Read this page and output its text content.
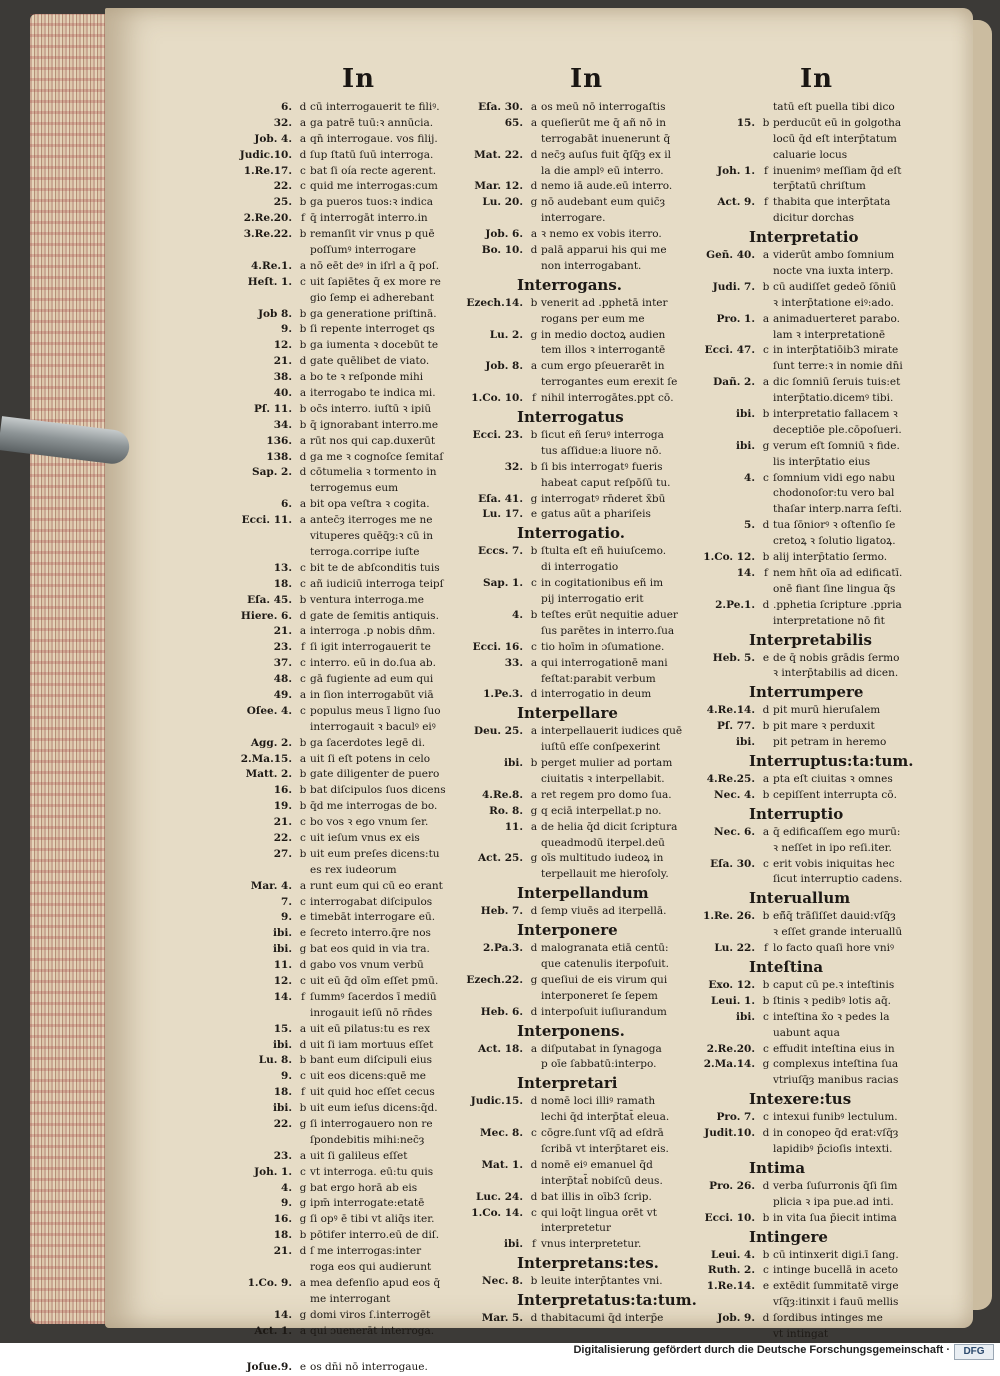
In	In	In
6. d cū interrogauerit te filiꝰ.
32. a ga patrē tuū:ꝛ annūcia.
Job. 4. a qn̄ interrogaue. vos filij.
Judic.10. d ſup ſtatū ſuū interroga.
1.Re.17. c bat ſi oía recte agerent.
22. c quid me interrogas:cum
25. b ga pueros tuos:ꝛ indica
2.Re.20. f q̄ interrogāt interro.in
3.Re.22. b remanſit vir vnus p quē
poſſumꝰ interrogare
4.Re.1. a nō eēt deꝰ in iſrl a q̄ poſ.
Heſt. 1. c uit ſapiētes q̄ ex more re
gio ſemp ei adherebant
Job 8. b ga generatione priſtinā.
9. b ſi repente interroget qs
12. b ga iumenta ꝛ docebūt te
21. d gate quēlibet de viato.
38. a bo te ꝛ reſponde mihi
40. a iterrogabo te indica mi.
Pſ. 11. b oc̄s interro. iuſtū ꝛ ipiū
34. b q̄ ignorabant interro.me
136. a rūt nos qui cap.duxerūt
138. d ga me ꝛ cognoſce ſemitaſ
Sap. 2. d cōtumelia ꝛ tormento in
terrogemus eum
6. a bit opa veſtra ꝛ cogita.
Ecci. 11. a antec̄ȝ iterroges me ne
vituperes quēq̄ȝ:ꝛ cū in
terroga.corripe iuſte
13. c bit te de abſconditis tuis
18. c añ iudiciū interroga teipſ
Eſa. 45. b ventura interroga.me
Hiere. 6. d gate de ſemitis antiquis.
21. a interroga .p nobis dn̄m.
23. f ſi igit interrogauerit te
37. c interro. eū in do.ſua ab.
48. c gā fugiente ad eum qui
49. a in ſion interrogabūt viā
Oſee. 4. c populus meus ī ligno ſuo
interrogauit ꝛ baculꝰ eiꝰ
Agg. 2. b ga ſacerdotes legē di.
2.Ma.15. a uit ſi eſt potens in celo
Matt. 2. b gate diligenter de puero
16. b bat diſcipulos ſuos dicens
19. b q̄d me interrogas de bo.
21. c bo vos ꝛ ego vnum ſer.
22. c uit ieſum vnus ex eis
27. b uit eum preſes dicens:tu
es rex iudeorum
Mar. 4. a runt eum qui cū eo erant
7. c interrogabat diſcipulos
9. e timebāt interrogare eū.
ibi. e ſecreto interro.q̄re nos
ibi. g bat eos quid in via tra.
11. d gabo vos vnum verbū
12. c uit eū q̄d oīm eſſet pmū.
14. f ſummꝰ ſacerdos ī mediū
inrogauit ieſū nō rn̄des
15. a uit eū pilatus:tu es rex
ibi. d uit ſi iam mortuus eſſet
Lu. 8. b bant eum diſcipuli eius
9. c uit eos dicens:quē me
18. f uit quid hoc eſſet cecus
ibi. b uit eum ieſus dicens:q̄d.
22. g ſi interrogauero non re
ſpondebitis mihi:nec̄ȝ
23. a uit ſi galileus eſſet
Joh. 1. c vt interroga. eū:tu quis
4. g bat ergo horā ab eis
9. g ipm̄ interrogate:etatē
16. g ſi opꝰ ē tibi vt aliq̄s iter.
18. b pōtifer interro.eū de diſ.
21. d ſ me interrogas:inter
roga eos qui audierunt
1.Co. 9. a mea defenſio apud eos q̄
me interrogant
14. g domi viros ſ.interrogēt
Act. 1. a qui ɔuenerāt interroga.
Joſue.9. e os dn̄i nō interrogaue.
Eſa. 30. a os meū nō interrogaſtis
65. a queſierūt me q̄ añ nō in
terrogabāt inuenerunt q̄
Mat. 22. d nec̄ȝ auſus fuit q̄ſq̄ȝ ex il
la die amplꝰ eū interro.
Mar. 12. d nemo iā aude.eū interro.
Lu. 20. g nō audebant eum quic̄ȝ
interrogare.
Job. 6. a ꝛ nemo ex vobis iterro.
Bo. 10. d palā apparui his qui me
non interrogabant.
Interrogans.
Ezech.14. b venerit ad .pphetā inter
rogans per eum me
Lu. 2. g in medio doctoꝝ audien
tem illos ꝛ interrogantē
Job. 8. a cum ergo pſeuerarēt in
terrogantes eum erexit ſe
1.Co. 10. f nihil interrogātes.ppt cō.
Interrogatus
Ecci. 23. b ſicut eñ ſeruꝰ interroga
tus aſſidue:a liuore nō.
32. b ſi bis interrogatꝰ fueris
habeat caput reſpōſū tu.
Eſa. 41. g interrogatꝰ rn̄deret x̄bū
Lu. 17. e gatus aūt a phariſeis
Interrogatio.
Eccs. 7. b ſtulta eſt eñ huiuſcemo.
di interrogatio
Sap. 1. c in cogitationibus eñ im
pij interrogatio erit
4. b teſtes erūt nequitie aduer
ſus parētes in interro.ſua
Ecci. 16. c tio hoīm in ɔſumatione.
33. a qui interrogationē mani
feſtat:parabit verbum
1.Pe.3. d interrogatio in deum
Interpellare
Deu. 25. a interpellauerit iudices quē
iuſtū eſſe conſpexerint
ibi. b perget mulier ad portam
ciuitatis ꝛ interpellabit.
4.Re.8. a ret regem pro domo ſua.
Ro. 8. g q eciā interpellat.p no.
11. a de helia q̄d dicit ſcriptura
queadmodū iterpel.deū
Act. 25. g oīs multitudo iudeoꝝ in
terpellauit me hieroſoly.
Interpellandum
Heb. 7. d ſemp viuēs ad iterpellā.
Interponere
2.Pa.3. d malogranata etiā centū:
que catenulis iterpoſuit.
Ezech.22. g queſiui de eis virum qui
interponeret ſe ſepem
Heb. 6. d interpoſuit iuſiurandum
Interponens.
Act. 18. a diſputabat in ſynagoga
p oīe ſabbatū:interpo.
Interpretari
Judic.15. d nomē loci illiꝰ ramath
lechi q̄d interp̄tat̄ eleua.
Mec. 8. c cōgre.ſunt vſq̄ ad eſdrā
ſcribā vt interp̄taret eis.
Mat. 1. d nomē eiꝰ emanuel q̄d
interp̄tat̄ nobiſcū deus.
Luc. 24. d bat illis in oīb3 ſcrip.
1.Co. 14. c qui loq̄t lingua orēt vt
interpretetur
ibi. f vnus interpretetur.
Interpretans:tes.
Nec. 8. b leuite interp̄tantes vni.
Interpretatus:ta:tum.
Mar. 5. d thabitacumi q̄d interp̄e
tatū eſt puella tibi dico
15. b perducūt eū in golgotha
locū q̄d eſt interp̄tatum
caluarie locus
Joh. 1. f inuenimꝰ meſſiam q̄d eſt
terp̄tatū chriſtum
Act. 9. f thabita que interp̄tata
dicitur dorchas
Interpretatio
Geñ. 40. a viderūt ambo ſomnium
nocte vna iuxta interp.
Judi. 7. b cū audiſſet gedeō ſōniū
ꝛ interp̄tatione eiꝰ:ado.
Pro. 1. a animaduerteret parabo.
lam ꝛ interpretationē
Ecci. 47. c in interp̄tatiōib3 mirate
ſunt terre:ꝛ in nomie dn̄i
Dañ. 2. a dic ſomniū ſeruis tuis:et
interp̄tatio.dicemꝰ tibi.
ibi. b interpretatio fallacem ꝛ
deceptiōe ple.cōpoſueri.
ibi. g verum eſt ſomniū ꝛ fide.
lis interp̄tatio eius
4. c ſomnium vidi ego nabu
chodonoſor:tu vero bal
thaſar interp.narra ſeſti.
5. d tua ſōniorꝰ ꝛ oſtenſio ſe
cretoꝝ ꝛ ſolutio ligatoꝝ.
1.Co. 12. b alij interp̄tatio ſermo.
14. f nem hn̄t oīa ad edificatī.
onē fiant ſine lingua q̄s
2.Pe.1. d .pphetia ſcripture .ppria
interpretatione nō fit
Interpretabilis
Heb. 5. e de q̄ nobis grādis ſermo
ꝛ interp̄tabilis ad dicen.
Interrumpere
4.Re.14. d pit murū hieruſalem
Pſ. 77. b pit mare ꝛ perduxit
ibi.	pit petram in heremo
Interruptus:ta:tum.
4.Re.25. a pta eſt ciuitas ꝛ omnes
Nec. 4. b cepiſſent interrupta cō.
Interruptio
Nec. 6. a q̄ edificaſſem ego murū:
ꝛ neſſet in ipo reſi.iter.
Eſa. 30. c erit vobis iniquitas hec
ſicut interruptio cadens.
Interuallum
1.Re. 26. b eñ̄q̄ trāſiſſet dauid:vſq̄ȝ
ꝛ eſſet grande interuallū
Lu. 22. f lo facto quaſi hore vniꝰ
Inteſtina
Exo. 12. b caput cū pe.ꝛ inteſtinis
Leui. 1. b ſtinis ꝛ pedibꝰ lotis aq̄.
ibi. c inteſtina x̄o ꝛ pedes la
uabunt aqua
2.Re.20. c effudit inteſtina eius in
2.Ma.14. g complexus inteſtina ſua
vtriuſq̄ȝ manibus racias
Intexere:tus
Pro. 7. c intexui funibꝰ lectulum.
Judit.10. d in conopeo q̄d erat:vſq̄ȝ
lapidibꝰ p̄cioſis intexti.
Intima
Pro. 26. d verba ſuſurronis q̄ſi ſim
plicia ꝛ ipa pue.ad inti.
Ecci. 10. b in vita ſua p̄iecit intima
Intingere
Leui. 4. b cū intinxerit digi.ī ſang.
Ruth. 2. c intinge bucellā in aceto
1.Re.14. e extēdit ſummitatē virge
vſq̄ȝ:itinxit i fauū mellis
Job. 9. d ſordibus intinges me
vt intingat
Digitalisierung gefördert durch die Deutsche Forschungsgemeinschaft ·	DFG
